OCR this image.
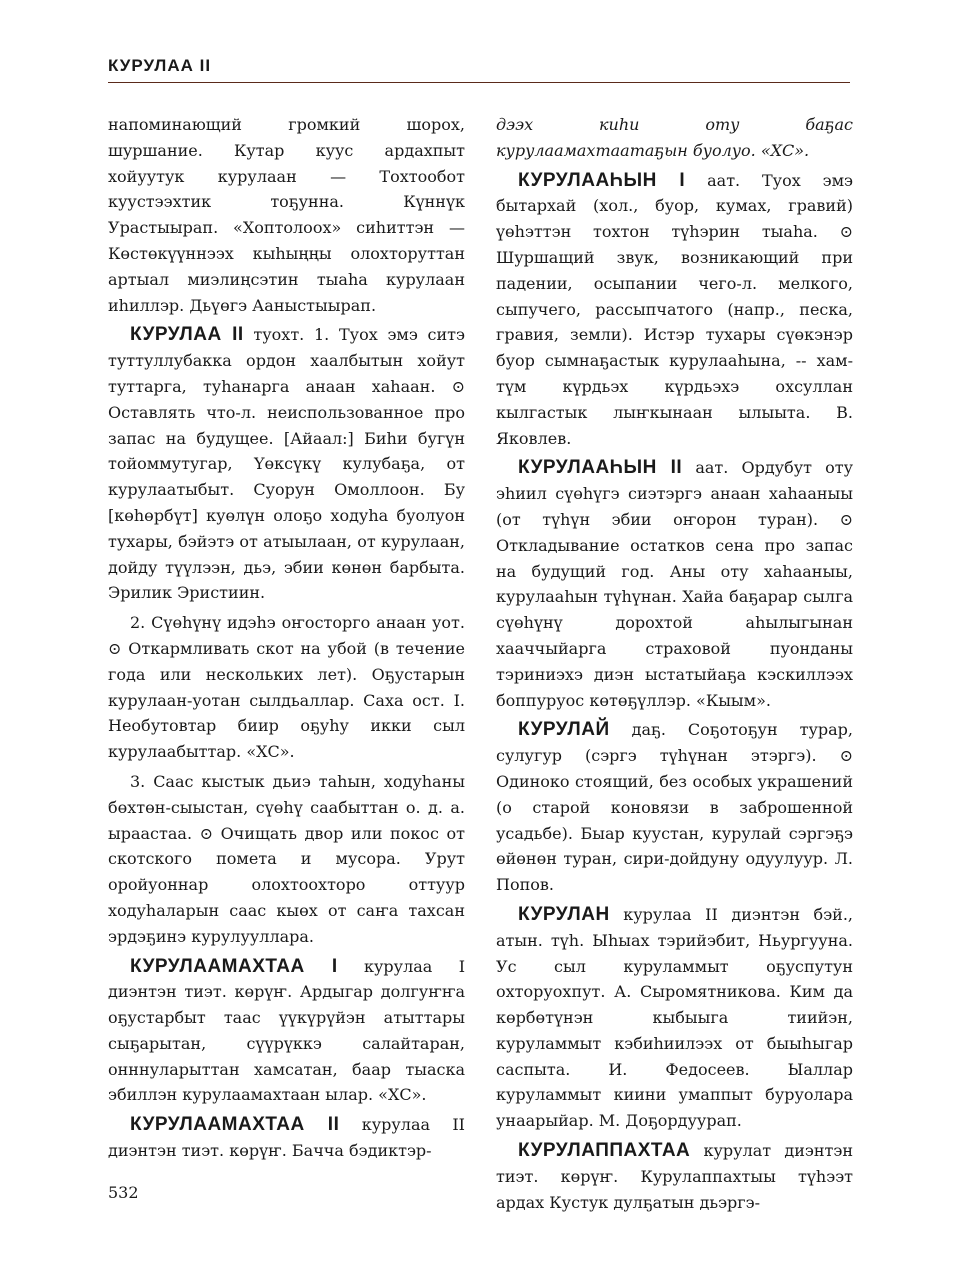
КУРУЛАА II

напоминающий громкий шорох, шуршание. Кутар кууc ардахпыт хойуутук курулаан — Тохтообот кууcтээхтик тоҕунна. Күннүк Урастыырап. «Хоптолоох» сиһиттэн — Көстөкүүннээх кыһыңңы олохторуттан артыал миэлиңсэтин тыаһа курулаан иһиллэр. Дьүөгэ Ааныстыырап.

КУРУЛАА II туохт. 1. Туох эмэ ситэ туттуллубакка ордон хаалбытын хойут туттарга, туһанарга анаан хаһаан. ⊙ Оставлять что-л. неиспользованное про запас на будущее. [Айаал:] Биһи бугүн тойоммутугар, Үөксүкү кулубаҕа, от курулаатыбыт. Суорун Омоллоон. Бу [көһөрбүт] куөлүн олоҕо ходуһа буолуон тухары, бэйэтэ от атыылаан, от курулаан, дойду түүлээн, дьэ, эбии көнөн барбыта. Эрилик Эристиин.

2. Сүөһүнү идэһэ оҥосторго анаан уот. ⊙ Откармливать скот на убой (в течение года или нескольких лет). Оҕустарын курулаан-уотан сылдьаллар. Саха ост. I. Необутовтар биир оҕуһу икки сыл курулаабыттар. «ХС».

3. Саас кыстык дьиэ таһын, ходуһаны бөхтөн-сыыстан, сүөһү саабыттан о. д. а. ыраастаа. ⊙ Очищать двор или покос от скотского помета и мусора. Урут оройуоннар олохтоохторо оттуур ходуһаларын саас кыөх от саҥа тахсан эрдэҕинэ курулууллара.

КУРУЛААМАХТАА I курулаа I диэнтэн тиэт. көрүҥ. Ардыгар долгуҥҥа оҕустарбыт таас үүкүрүйэн атыттары сыҕарытан, сүүрүккэ салайтаран, онннуларыттан хамсатан, баар тыаска эбиллэн курулаамахтаан ылар. «ХС».

КУРУЛААМАХТАА II курулаа II диэнтэн тиэт. көрүҥ. Баччa бэдиктэр-

дээх киһи оту баҕас курулаамахтаатаҕын буолуо. «ХС».

КУРУЛААҺЫН I аат. Туох эмэ бытархай (хол., буор, кумах, гравий) үөһэттэн тохтон түһэрин тыаһа. ⊙ Шуршащий звук, возникающий при падении, осыпании чего-л. мелкого, сыпучего, рассыпчатого (напр., песка, гравия, земли). Истэр тухары сүөкэнэр буор сымнаҕастык курулааһына, -- хам-түм күрдьэх күрдьэхэ охсуллан кылгастык лыҥкынаан ылыыта. В. Яковлев.

КУРУЛААҺЫН II аат. Ордубут оту эһиил сүөһүгэ сиэтэргэ анаан хаһааныы (от түһүн эбии оҥорон туран). ⊙ Откладывание остатков сена про запас на будущий год. Аны оту хаһааныы, курулааһын түһүнан. Хайа баҕарар сылга сүөһүнү дорохтой аһылыгынан хааччыйарга страховой пуонданы тэриниэхэ диэн ыстатыйаҕа кэскиллээх боппуруос көтөҕүллэр. «Кыым».

КУРУЛАЙ даҕ. Соҕотоҕун турар, сулугур (сэргэ түһүнан этэргэ). ⊙ Одиноко стоящий, без особых украшений (о старой коновязи в заброшенной усадьбе). Быар кууcтан, курулай сэргэҕэ өйөнөн туран, сири-дойдуну одуулуур. Л. Попов.

КУРУЛАН курулаа II диэнтэн бэй., атын. түһ. Ыһыах тэрийэбит, Ньургууна. Ус сыл куруламмыт оҕуспутун охторуохпут. А. Сыромятникова. Ким да көрбөтүнэн кыбыыга тиийэн, куруламмыт кэбиһиилээх от быыһыгар саспыта. И. Федосеев. Ыаллар куруламмыт киини умаппыт буруолара унаарыйар. М. Доҕордуурап.

КУРУЛАППАХТАА курулат диэнтэн тиэт. көрүҥ. Курулаппахтыы түһээт ардах Кустук дулҕатын дьэргэ-

532
